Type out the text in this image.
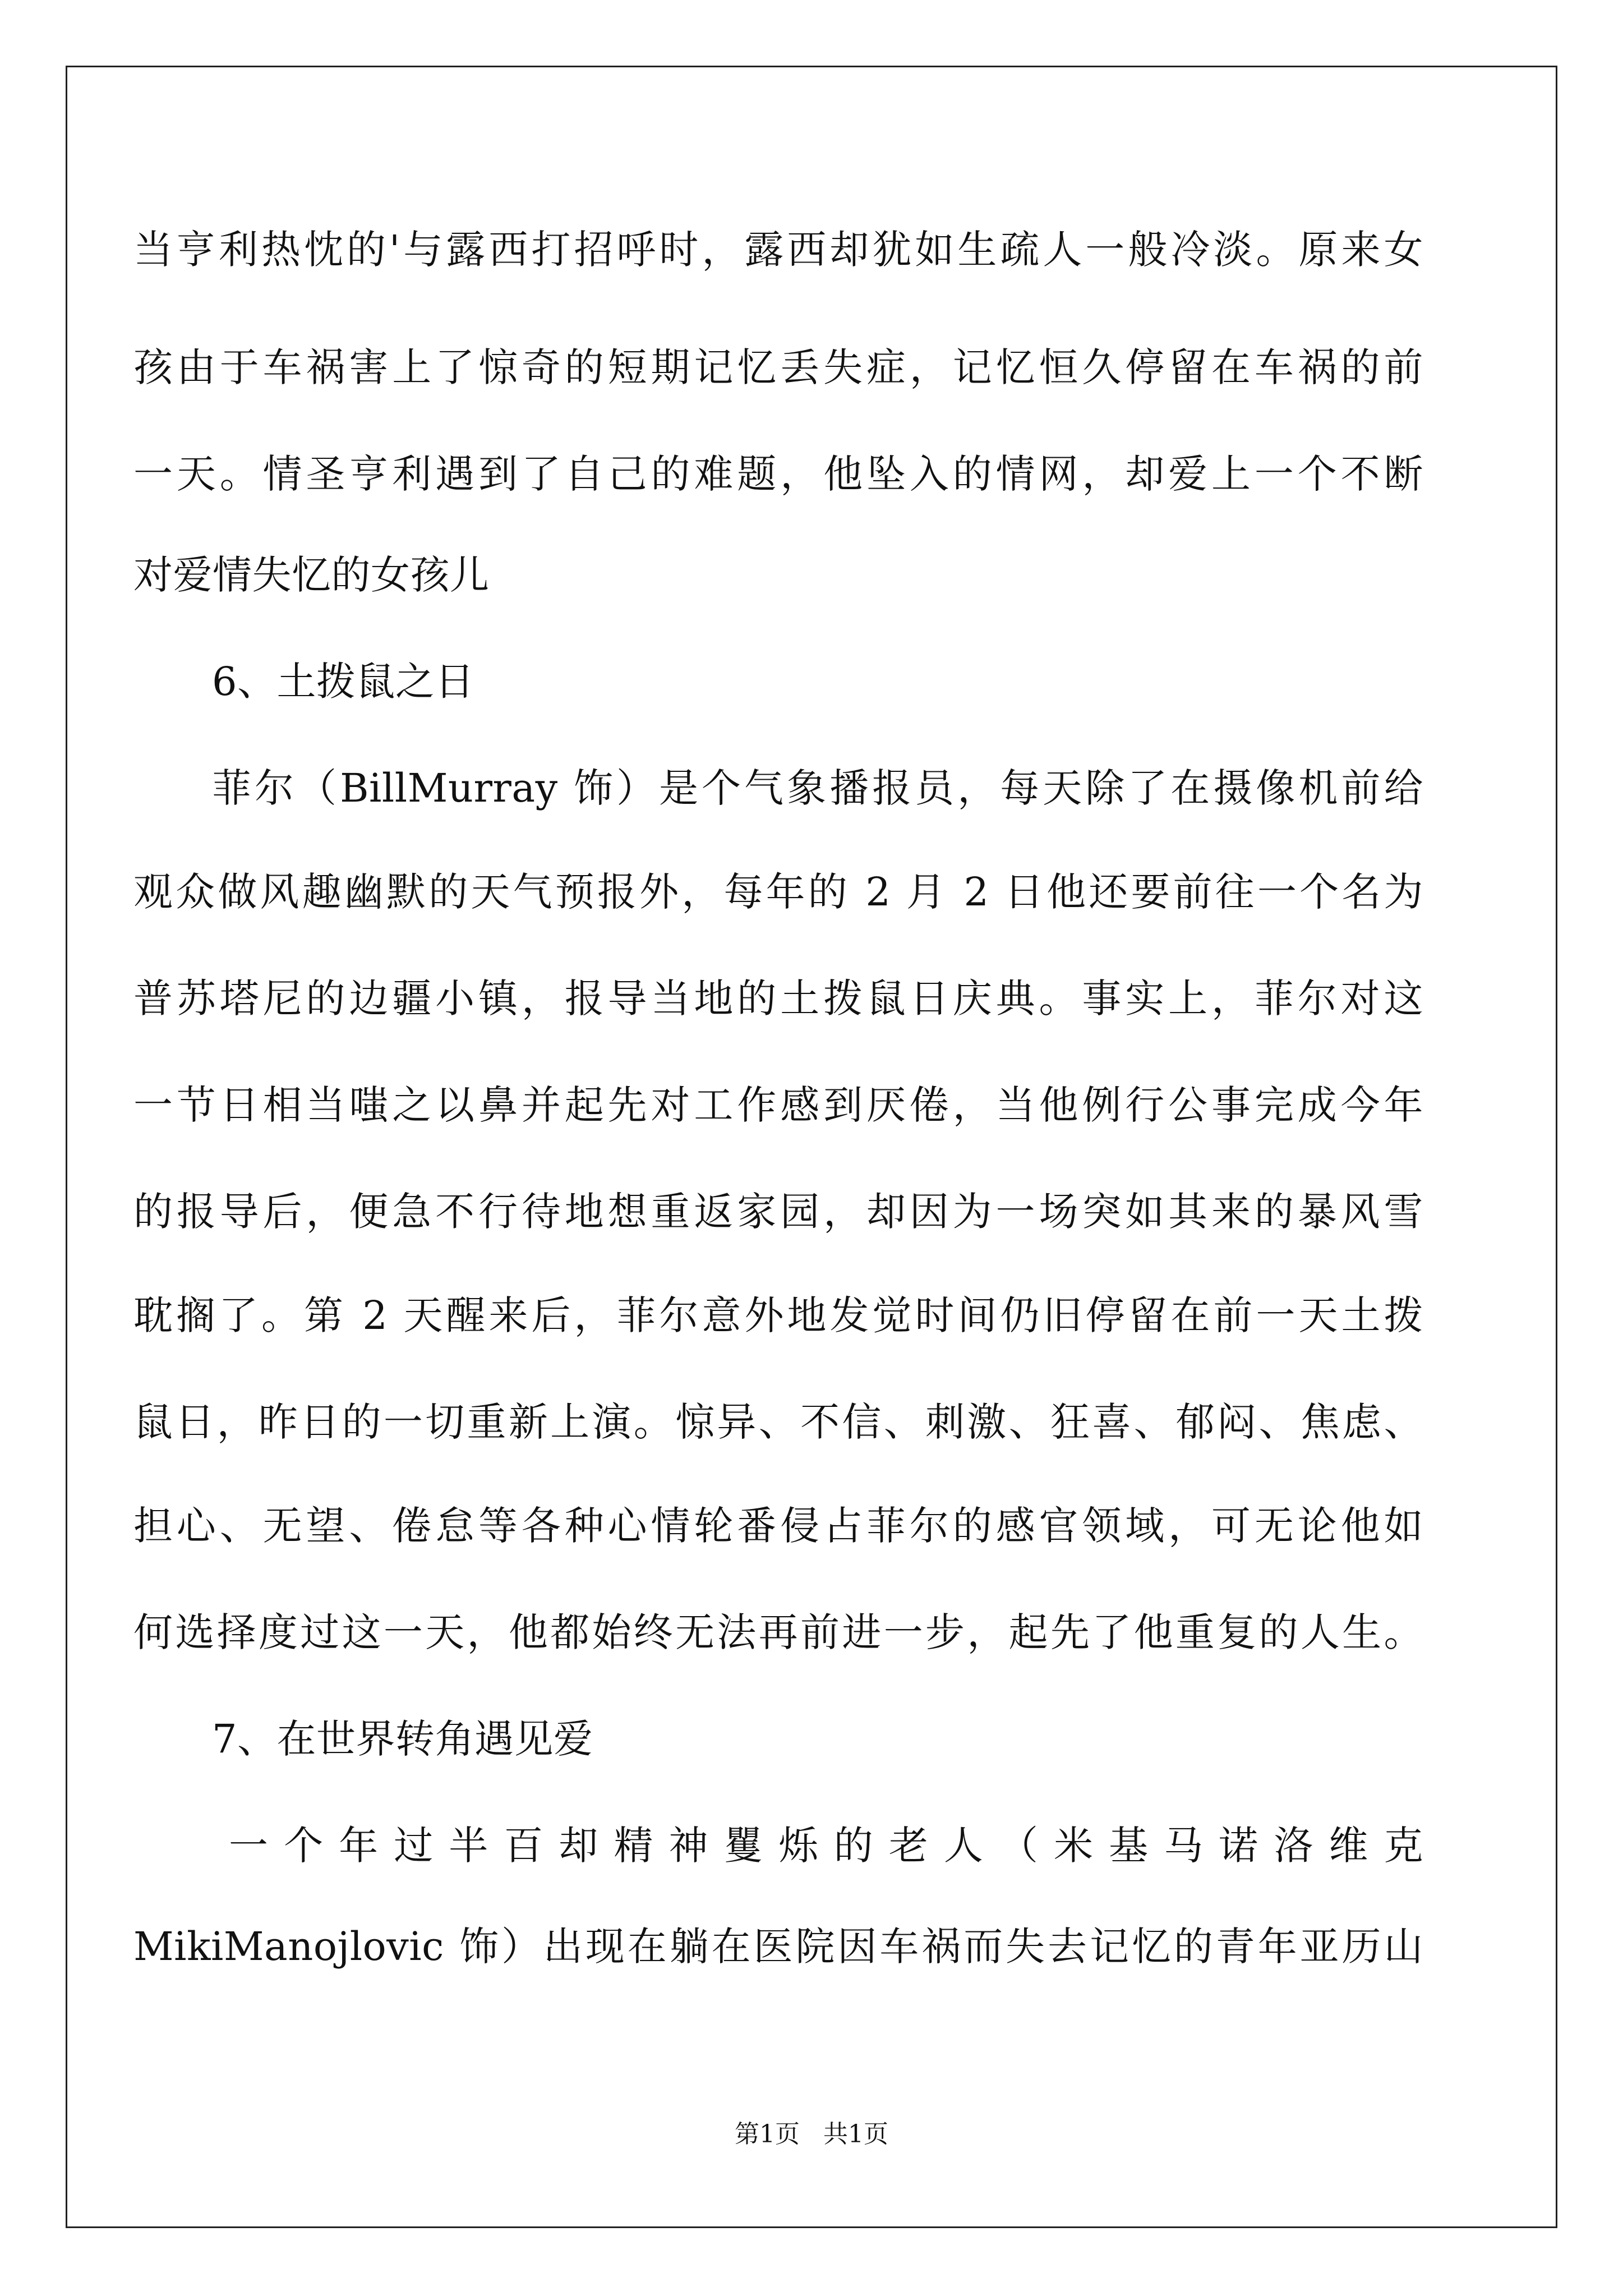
当亨利热忱的'与露西打招呼时，露西却犹如生疏人一般冷淡。原来女
孩由于车祸害上了惊奇的短期记忆丢失症，记忆恒久停留在车祸的前
一天。情圣亨利遇到了自己的难题，他坠入的情网，却爱上一个不断
对爱情失忆的女孩儿
6、土拨鼠之日
菲尔（BillMurray 饰）是个气象播报员，每天除了在摄像机前给
观众做风趣幽默的天气预报外，每年的 2 月 2 日他还要前往一个名为
普苏塔尼的边疆小镇，报导当地的土拨鼠日庆典。事实上，菲尔对这
一节日相当嗤之以鼻并起先对工作感到厌倦，当他例行公事完成今年
的报导后，便急不行待地想重返家园，却因为一场突如其来的暴风雪
耽搁了。第 2 天醒来后，菲尔意外地发觉时间仍旧停留在前一天土拨
鼠日，昨日的一切重新上演。惊异、不信、刺激、狂喜、郁闷、焦虑、
担心、无望、倦怠等各种心情轮番侵占菲尔的感官领域，可无论他如
何选择度过这一天，他都始终无法再前进一步，起先了他重复的人生。
7、在世界转角遇见爱
一个年过半百却精神矍烁的老人（米基马诺洛维克
MikiManojlovic 饰）出现在躺在医院因车祸而失去记忆的青年亚历山
第1页 共1页
